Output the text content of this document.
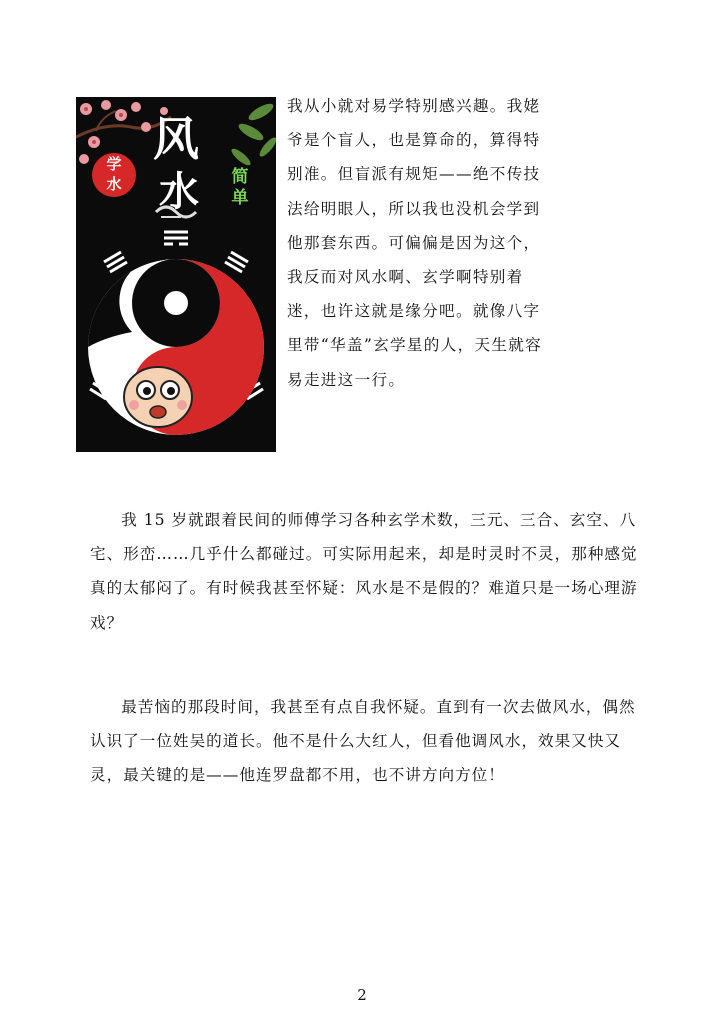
风
水
学
水	简
单
我从小就对易学特别感兴趣。我姥爷是个盲人，也是算命的，算得特别准。但盲派有规矩——绝不传技法给明眼人，所以我也没机会学到他那套东西。可偏偏是因为这个，我反而对风水啊、玄学啊特别着迷，也许这就是缘分吧。就像八字里带“华盖”玄学星的人，天生就容易走进这一行。
我 15 岁就跟着民间的师傅学习各种玄学术数，三元、三合、玄空、八宅、形峦……几乎什么都碰过。可实际用起来，却是时灵时不灵，那种感觉真的太郁闷了。有时候我甚至怀疑：风水是不是假的？难道只是一场心理游戏？
最苦恼的那段时间，我甚至有点自我怀疑。直到有一次去做风水，偶然认识了一位姓吴的道长。他不是什么大红人，但看他调风水，效果又快又灵，最关键的是——他连罗盘都不用，也不讲方向方位！
2
